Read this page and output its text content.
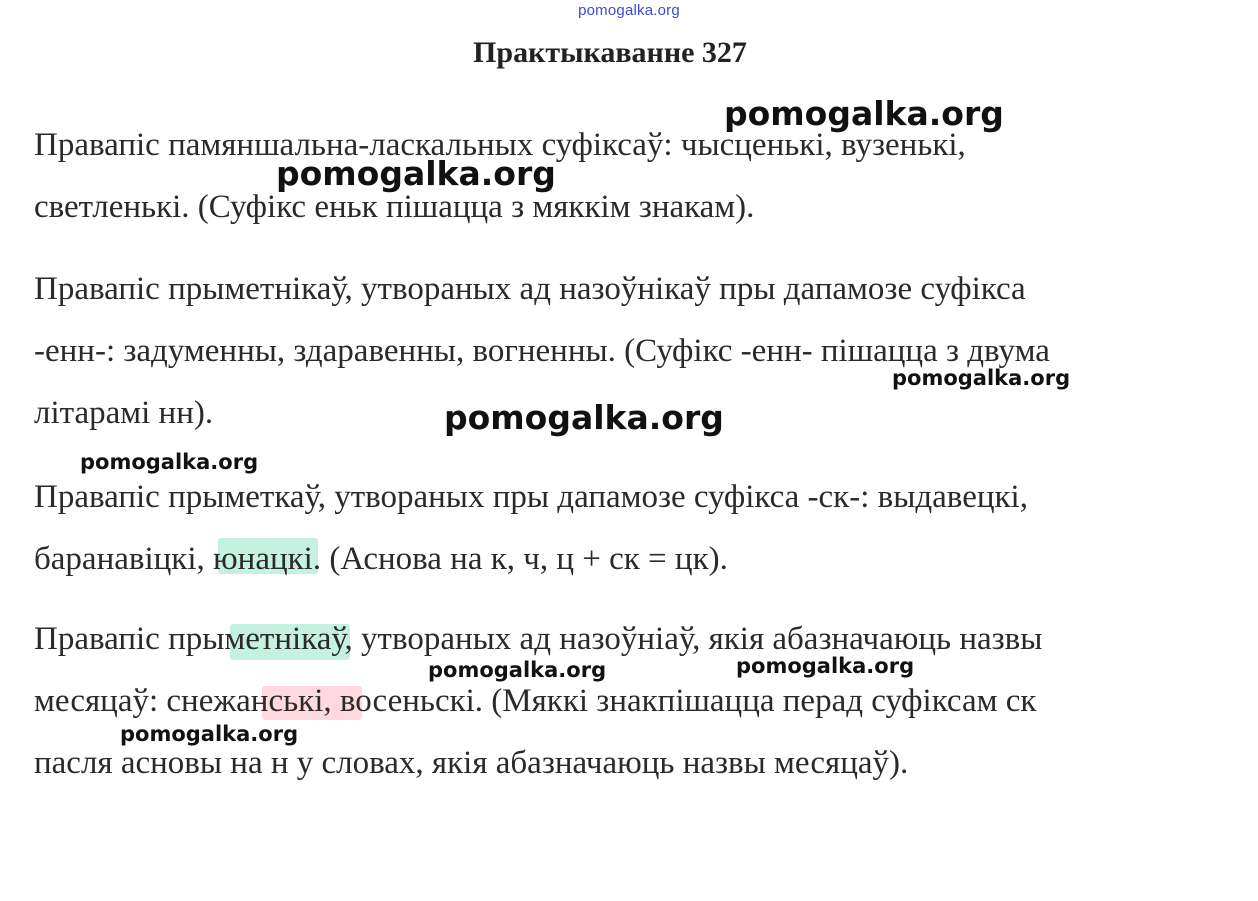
pomogalka.org
Практыкаванне 327

Правапіс памяншальна-ласкальных суфіксаў: чысценькі, вузенькі,
светленькі. (Суфікс еньк пішацца з мяккім знакам).

Правапіс прыметнікаў, утвораных ад назоўнікаў пры дапамозе суфікса
-енн-: задуменны, здаравенны, вогненны. (Суфікс -енн- пішацца з двума
літарамі нн).

Правапіс прыметкаў, утвораных пры дапамозе суфікса -ск-: выдавецкі,
баранавіцкі, юнацкі. (Аснова на к, ч, ц + ск = цк).

Правапіс прыметнікаў, утвораных ад назоўніаў, якія абазначаюць назвы
месяцаў: снежанські, восеньскі. (Мяккі знакпішацца перад суфіксам ск
пасля асновы на н у словах, якія абазначаюць назвы месяцаў).

pomogalka.org
pomogalka.org
pomogalka.org
pomogalka.org
pomogalka.org
pomogalka.org	pomogalka.org
pomogalka.org
